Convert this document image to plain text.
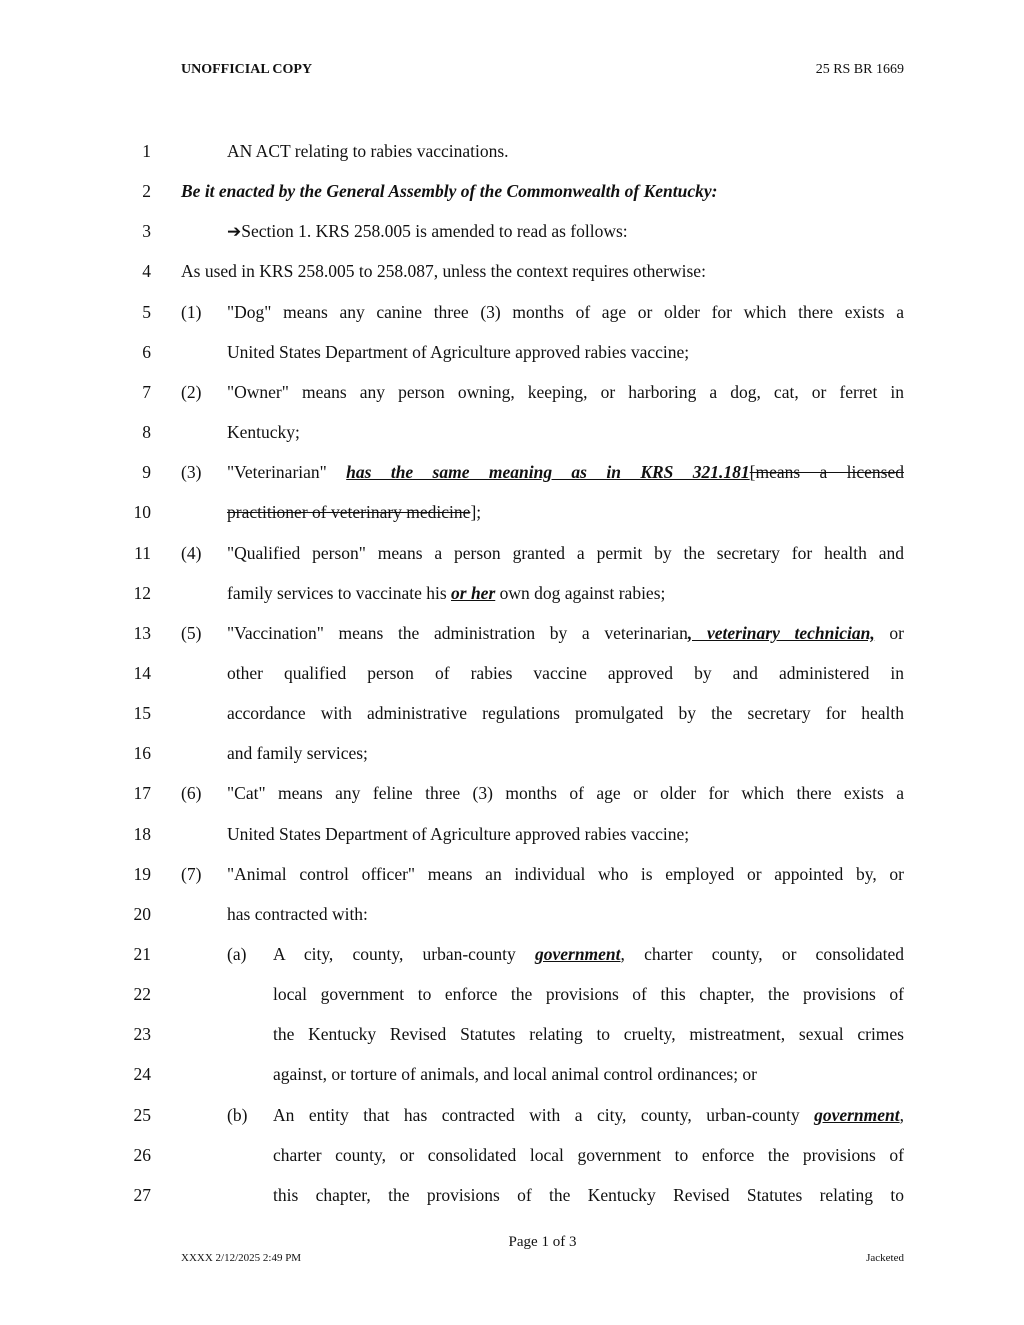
UNOFFICIAL COPY	25 RS BR 1669
1	AN ACT relating to rabies vaccinations.
2 Be it enacted by the General Assembly of the Commonwealth of Kentucky:
3	➔Section 1. KRS 258.005 is amended to read as follows:
4 As used in KRS 258.005 to 258.087, unless the context requires otherwise:
5 (1) "Dog" means any canine three (3) months of age or older for which there exists a
6	United States Department of Agriculture approved rabies vaccine;
7 (2) "Owner" means any person owning, keeping, or harboring a dog, cat, or ferret in
8	Kentucky;
9 (3) "Veterinarian" has the same meaning as in KRS 321.181[means a licensed
10	practitioner of veterinary medicine];
11 (4) "Qualified person" means a person granted a permit by the secretary for health and
12	family services to vaccinate his or her own dog against rabies;
13 (5) "Vaccination" means the administration by a veterinarian, veterinary technician, or
14	other qualified person of rabies vaccine approved by and administered in
15	accordance with administrative regulations promulgated by the secretary for health
16	and family services;
17 (6) "Cat" means any feline three (3) months of age or older for which there exists a
18	United States Department of Agriculture approved rabies vaccine;
19 (7) "Animal control officer" means an individual who is employed or appointed by, or
20	has contracted with:
21	(a) A city, county, urban-county government, charter county, or consolidated
22	local government to enforce the provisions of this chapter, the provisions of
23	the Kentucky Revised Statutes relating to cruelty, mistreatment, sexual crimes
24	against, or torture of animals, and local animal control ordinances; or
25	(b) An entity that has contracted with a city, county, urban-county government,
26	charter county, or consolidated local government to enforce the provisions of
27	this chapter, the provisions of the Kentucky Revised Statutes relating to
Page 1 of 3
XXXX 2/12/2025 2:49 PM	Jacketed
